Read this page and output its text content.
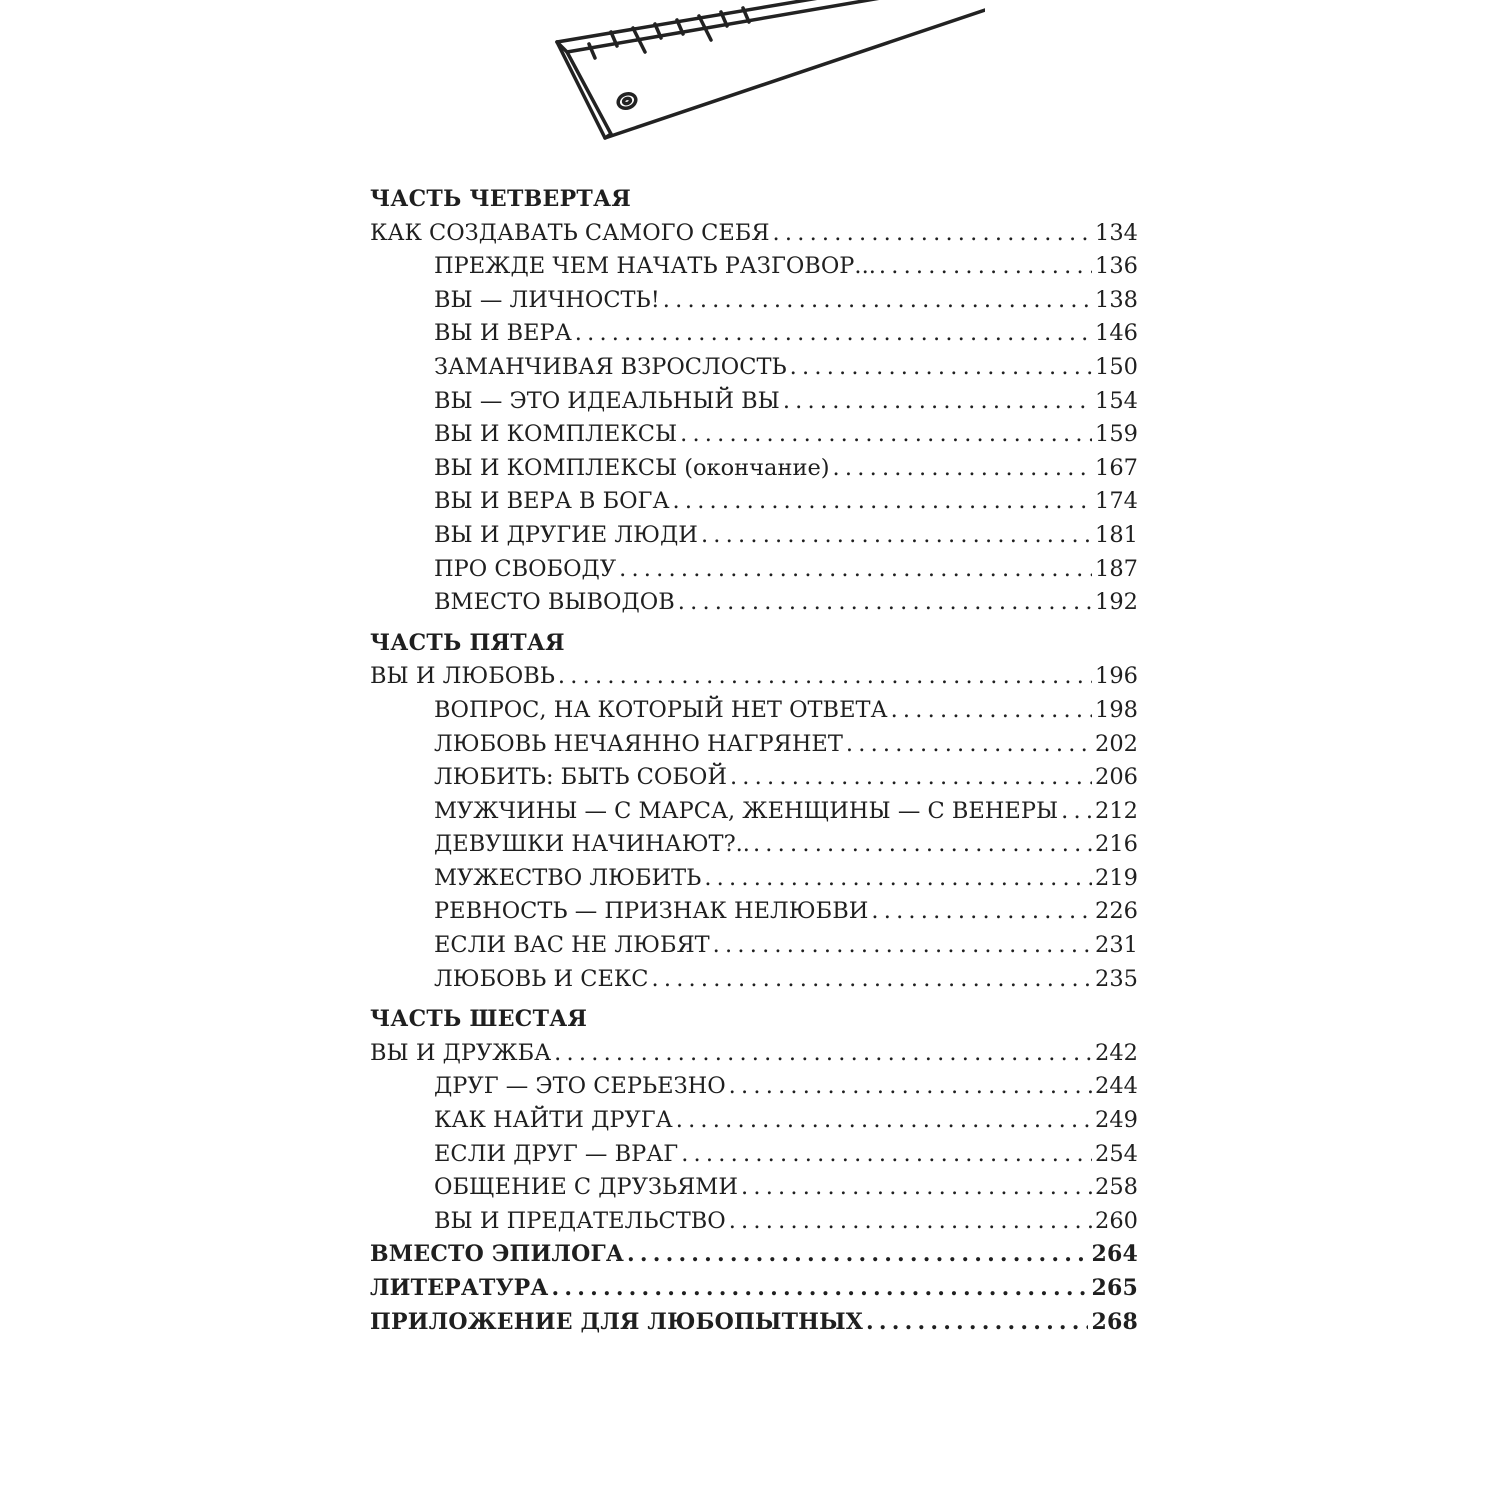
ЧАСТЬ ЧЕТВЕРТАЯ
КАК СОЗДАВАТЬ САМОГО СЕБЯ .....	134
ПРЕЖДЕ ЧЕМ НАЧАТЬ РАЗГОВОР... .....	136
ВЫ — ЛИЧНОСТЬ! .....	138
ВЫ И ВЕРА .....	146
ЗАМАНЧИВАЯ ВЗРОСЛОСТЬ .....	150
ВЫ — ЭТО ИДЕАЛЬНЫЙ ВЫ .....	154
ВЫ И КОМПЛЕКСЫ .....	159
ВЫ И КОМПЛЕКСЫ (окончание) .....	167
ВЫ И ВЕРА В БОГА .....	174
ВЫ И ДРУГИЕ ЛЮДИ .....	181
ПРО СВОБОДУ .....	187
ВМЕСТО ВЫВОДОВ .....	192
ЧАСТЬ ПЯТАЯ
ВЫ И ЛЮБОВЬ .....	196
ВОПРОС, НА КОТОРЫЙ НЕТ ОТВЕТА .....	198
ЛЮБОВЬ НЕЧАЯННО НАГРЯНЕТ .....	202
ЛЮБИТЬ: БЫТЬ СОБОЙ .....	206
МУЖЧИНЫ — С МАРСА, ЖЕНЩИНЫ — С ВЕНЕРЫ ..... 212
ДЕВУШКИ НАЧИНАЮТ?.. .....	216
МУЖЕСТВО ЛЮБИТЬ .....	219
РЕВНОСТЬ — ПРИЗНАК НЕЛЮБВИ .....	226
ЕСЛИ ВАС НЕ ЛЮБЯТ .....	231
ЛЮБОВЬ И СЕКС .....	235
ЧАСТЬ ШЕСТАЯ
ВЫ И ДРУЖБА .....	242
ДРУГ — ЭТО СЕРЬЕЗНО .....	244
КАК НАЙТИ ДРУГА .....	249
ЕСЛИ ДРУГ — ВРАГ .....	254
ОБЩЕНИЕ С ДРУЗЬЯМИ .....	258
ВЫ И ПРЕДАТЕЛЬСТВО .....	260
ВМЕСТО ЭПИЛОГА .....	264
ЛИТЕРАТУРА .....	265
ПРИЛОЖЕНИЕ ДЛЯ ЛЮБОПЫТНЫХ .....	268
